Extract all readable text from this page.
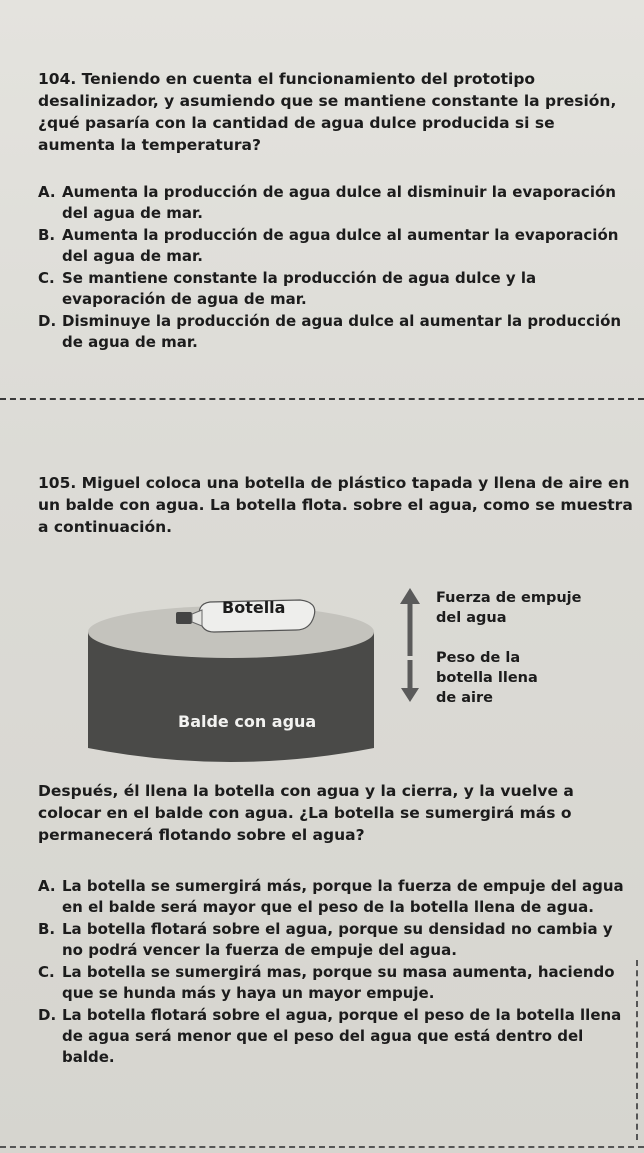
104. Teniendo en cuenta el funcionamiento del prototipo desalinizador, y asumiendo que se mantiene constante la presión, ¿qué pasaría con la cantidad de agua dulce producida si se aumenta la temperatura?

A. Aumenta la producción de agua dulce al disminuir la evaporación del agua de mar.
B. Aumenta la producción de agua dulce al aumentar la evaporación del agua de mar.
C. Se mantiene constante la producción de agua dulce y la evaporación de agua de mar.
D. Disminuye la producción de agua dulce al aumentar la producción de agua de mar.

105. Miguel coloca una botella de plástico tapada y llena de aire en un balde con agua. La botella flota. sobre el agua, como se muestra a continuación.

Botella
Balde con agua
Fuerza de empuje del agua
Peso de la botella llena de aire

Después, él llena la botella con agua y la cierra, y la vuelve a colocar en el balde con agua. ¿La botella se sumergirá más o permanecerá flotando sobre el agua?

A. La botella se sumergirá más, porque la fuerza de empuje del agua en el balde será mayor que el peso de la botella llena de agua.
B. La botella flotará sobre el agua, porque su densidad no cambia y no podrá vencer la fuerza de empuje del agua.
C. La botella se sumergirá mas, porque su masa aumenta, haciendo que se hunda más y haya un mayor empuje.
D. La botella flotará sobre el agua, porque el peso de la botella llena de agua será menor que el peso del agua que está dentro del balde.
